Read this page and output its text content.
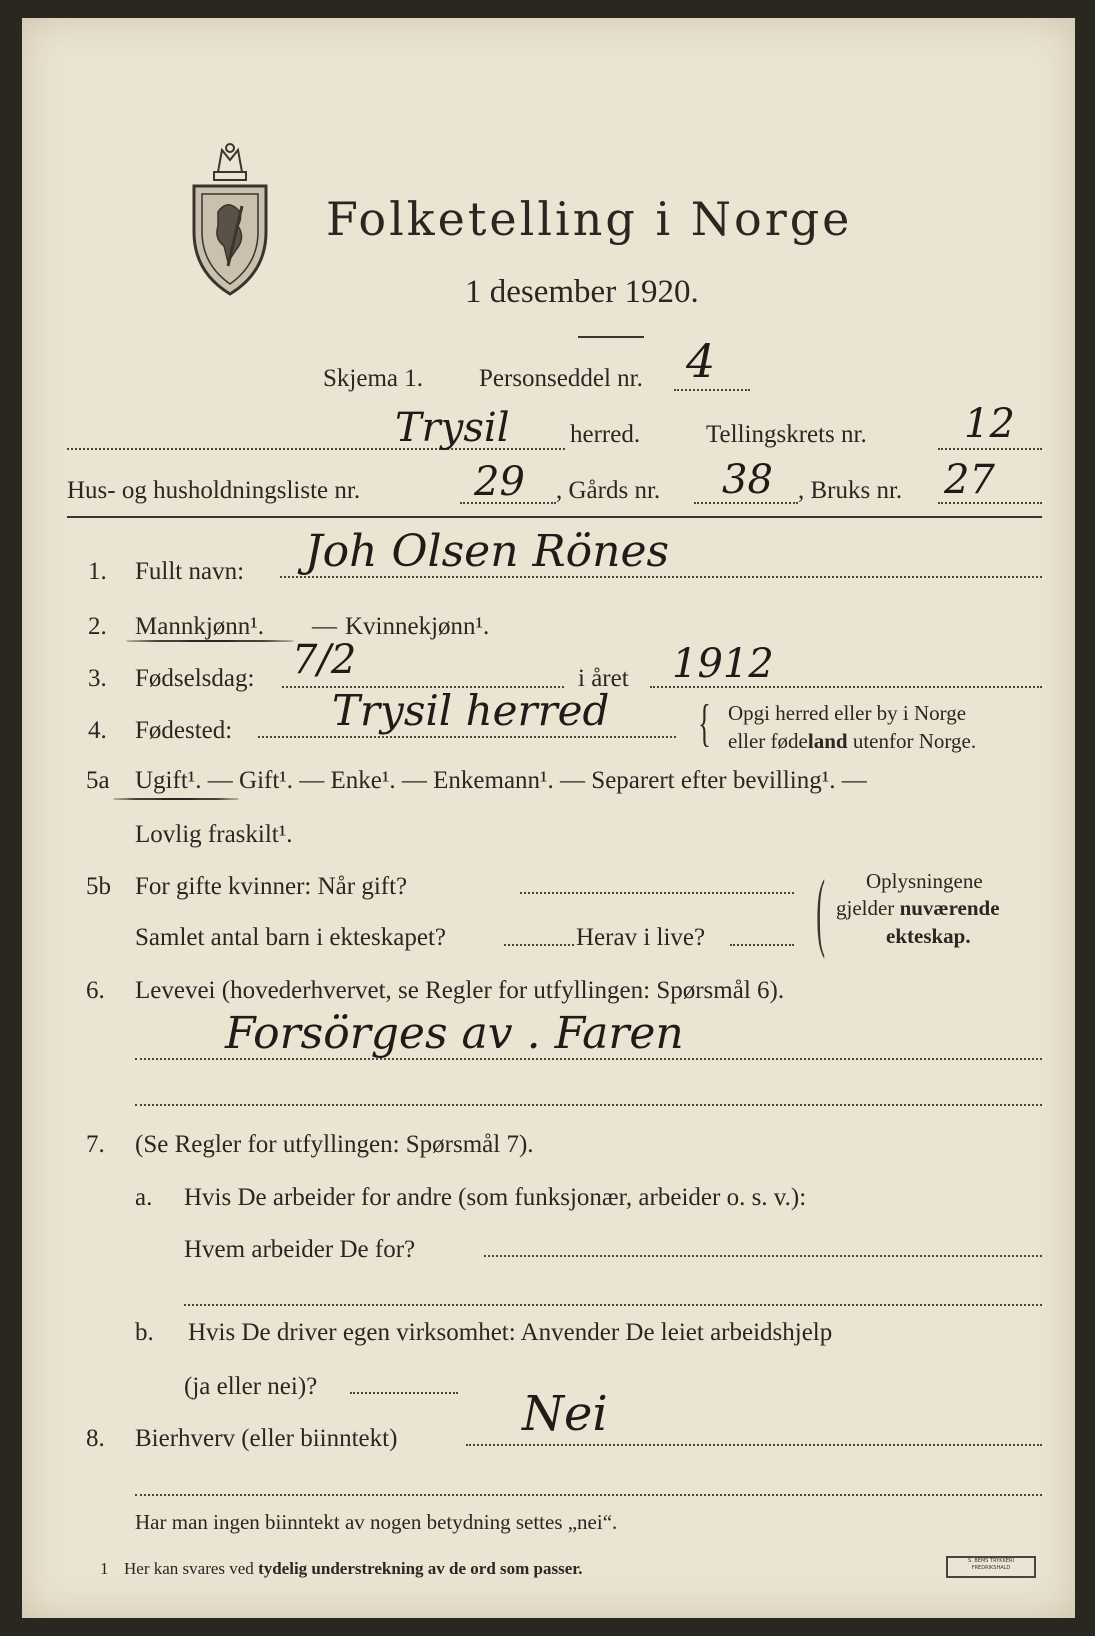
Folketelling i Norge
1 desember 1920.
Skjema 1. Personseddel nr. 4
Trysil herred.	Tellingskrets nr. 12
Hus- og husholdningsliste nr.	29 , Gårds nr. 38 , Bruks nr. 27
1. Fullt navn: Joh Olsen Rönes
2. Mannkjønn¹. — Kvinnekjønn¹.
3. Fødselsdag: 7/2	i året 1912
4. Fødested: Trysil herred { Opgi herred eller by i Norge
eller fødeland utenfor Norge.
5a Ugift¹. — Gift¹. — Enke¹. — Enkemann¹. — Separert efter bevilling¹. —
Lovlig fraskilt¹.
5b For gifte kvinner: Når gift?
Samlet antal barn i ekteskapet?	Herav i live? ( Oplysningene
gjelder nuværende
ekteskap.
6. Levevei (hovederhvervet, se Regler for utfyllingen: Spørsmål 6).
Forsörges av . Faren
7. (Se Regler for utfyllingen: Spørsmål 7).
a. Hvis De arbeider for andre (som funksjonær, arbeider o. s. v.):
Hvem arbeider De for?
b. Hvis De driver egen virksomhet: Anvender De leiet arbeidshjelp
(ja eller nei)?
8. Bierhverv (eller biinntekt)	Nei
Har man ingen biinntekt av nogen betydning settes „nei“.
1 Her kan svares ved tydelig understrekning av de ord som passer.	S. BEMS TRYKKERI FREDRIKSHALD
